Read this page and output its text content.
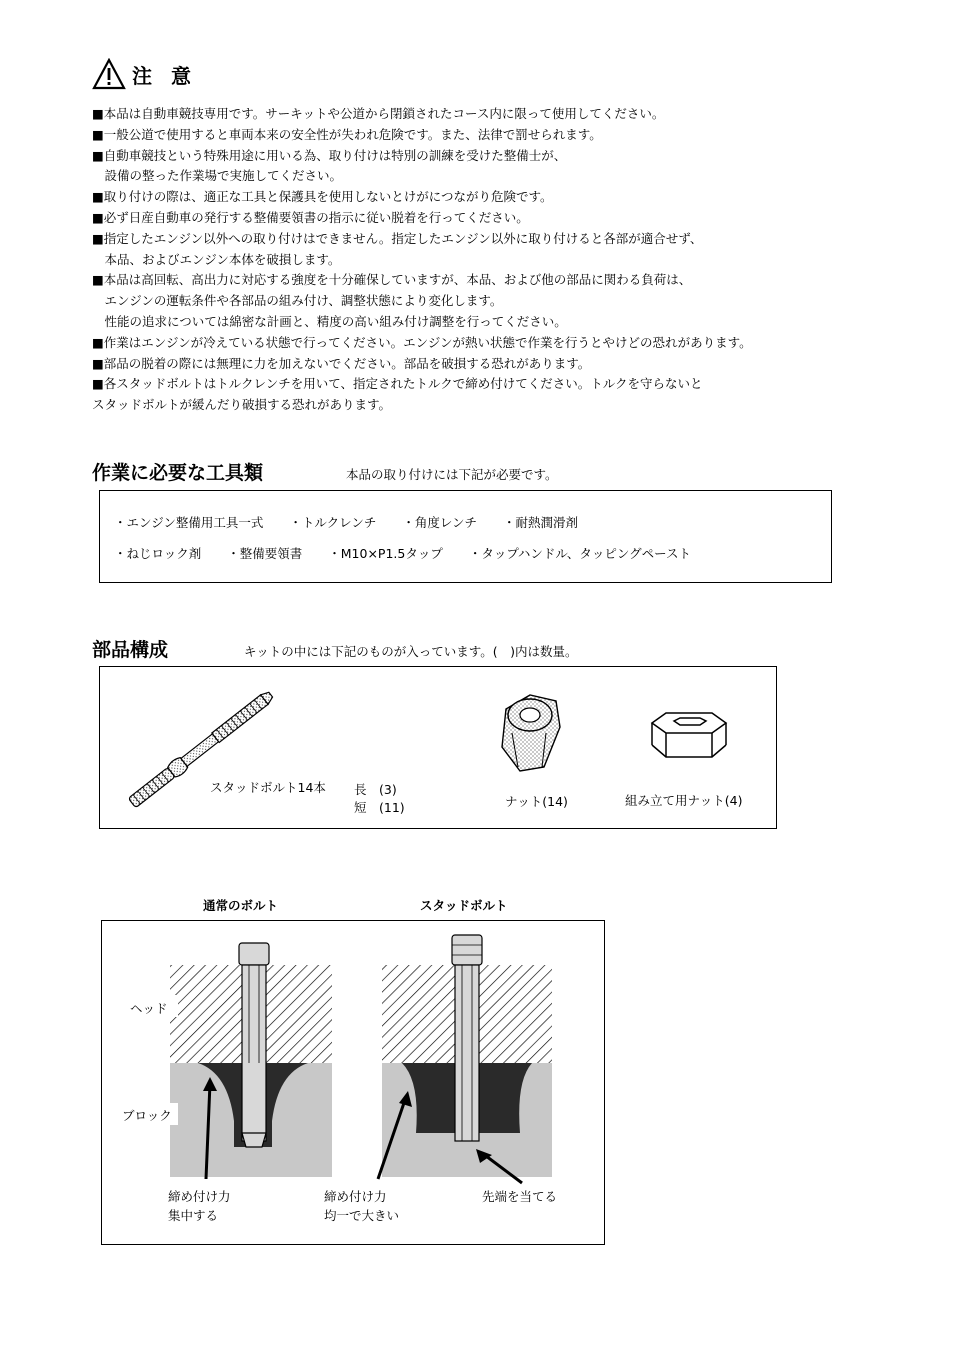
注 意
■本品は自動車競技専用です。サーキットや公道から閉鎖されたコース内に限って使用してください。
■一般公道で使用すると車両本来の安全性が失われ危険です。また、法律で罰せられます。
■自動車競技という特殊用途に用いる為、取り付けは特別の訓練を受けた整備士が、
　設備の整った作業場で実施してください。
■取り付けの際は、適正な工具と保護具を使用しないとけがにつながり危険です。
■必ず日産自動車の発行する整備要領書の指示に従い脱着を行ってください。
■指定したエンジン以外への取り付けはできません。指定したエンジン以外に取り付けると各部が適合せず、
　本品、およびエンジン本体を破損します。
■本品は高回転、高出力に対応する強度を十分確保していますが、本品、および他の部品に関わる負荷は、
　エンジンの運転条件や各部品の組み付け、調整状態により変化します。
　性能の追求については綿密な計画と、精度の高い組み付け調整を行ってください。
■作業はエンジンが冷えている状態で行ってください。エンジンが熱い状態で作業を行うとやけどの恐れがあります。
■部品の脱着の際には無理に力を加えないでください。部品を破損する恐れがあります。
■各スタッドボルトはトルクレンチを用いて、指定されたトルクで締め付けてください。トルクを守らないと
スタッドボルトが緩んだり破損する恐れがあります。
作業に必要な工具類	本品の取り付けには下記が必要です。
・エンジン整備用工具一式 ・トルクレンチ ・角度レンチ ・耐熱潤滑剤
・ねじロック剤 ・整備要領書 ・M10×P1.5タップ ・タップハンドル、タッピングペースト
部品構成	キットの中には下記のものが入っています。(　)内は数量。
スタッドボルト14本 長　(3)
短　(11)	ナット(14)	組み立て用ナット(4)
通常のボルト	スタッドボルト
ヘッド
ブロック
締め付け力
集中する
締め付け力
均一で大きい
先端を当てる
